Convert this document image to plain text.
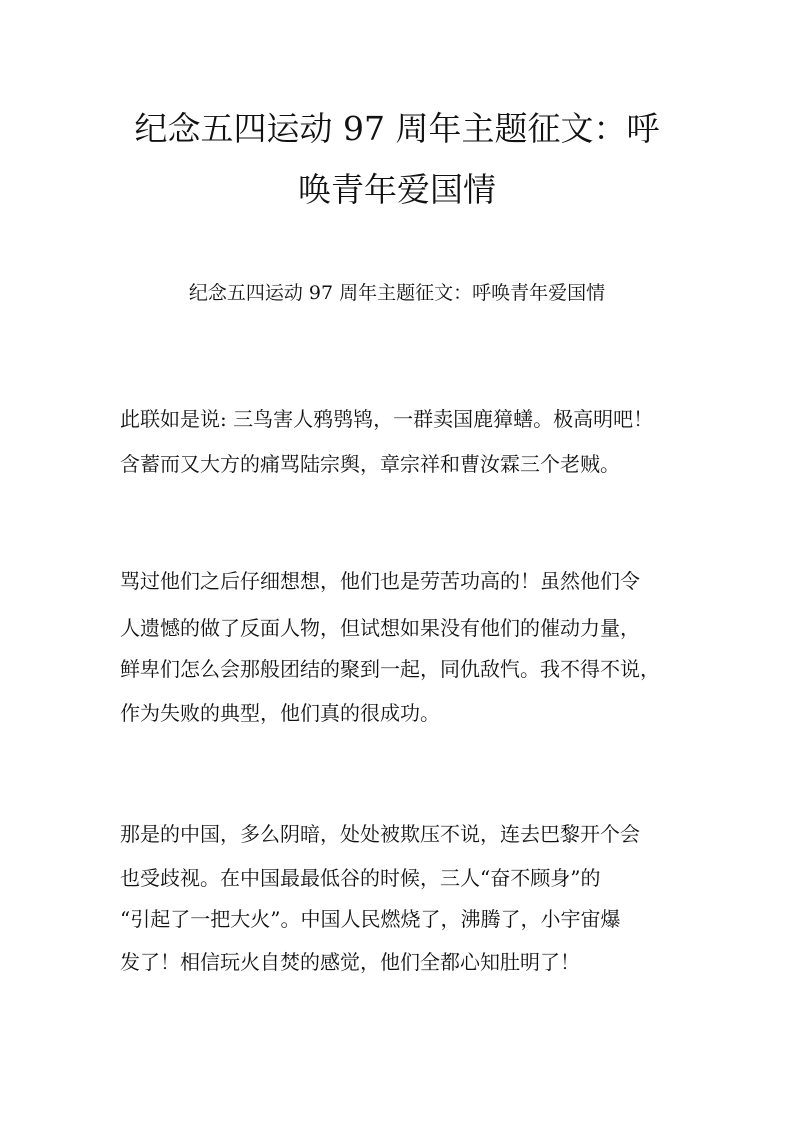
纪念五四运动 97 周年主题征文：呼
唤青年爱国情
纪念五四运动 97 周年主题征文：呼唤青年爱国情
此联如是说: 三鸟害人鸦鸮鸨，一群卖国鹿獐蟮。极高明吧！
含蓄而又大方的痛骂陆宗舆，章宗祥和曹汝霖三个老贼。
骂过他们之后仔细想想，他们也是劳苦功高的！虽然他们令
人遗憾的做了反面人物，但试想如果没有他们的催动力量，
鲜卑们怎么会那般团结的聚到一起，同仇敌忾。我不得不说，
作为失败的典型，他们真的很成功。
那是的中国，多么阴暗，处处被欺压不说，连去巴黎开个会
也受歧视。在中国最最低谷的时候，三人“奋不顾身”的
“引起了一把大火”。中国人民燃烧了，沸腾了，小宇宙爆
发了！相信玩火自焚的感觉，他们全都心知肚明了！
